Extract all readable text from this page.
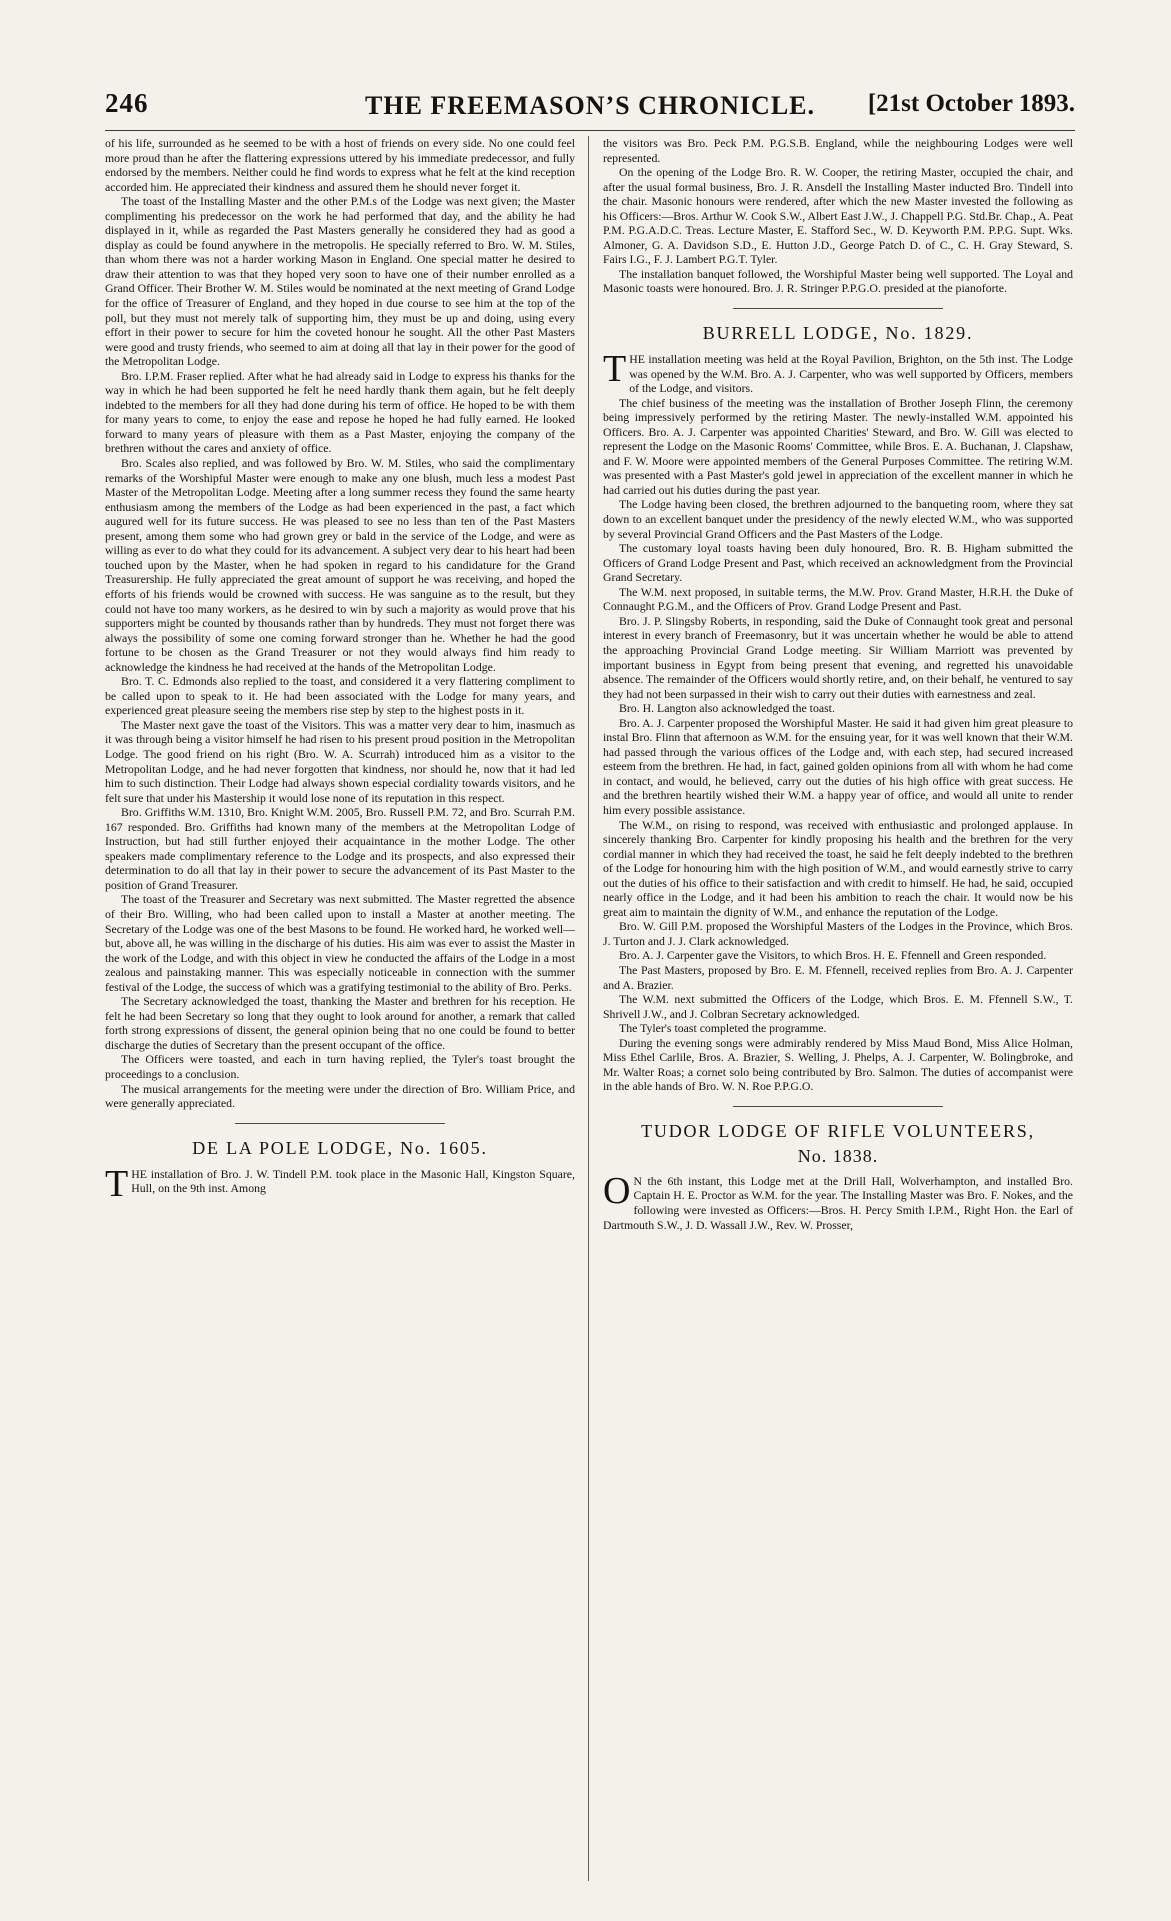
246	THE FREEMASON’S CHRONICLE.	[21st October 1893.

of his life, surrounded as he seemed to be with a host of friends on every side. No one could feel more proud than he after the flattering expressions uttered by his immediate predecessor, and fully endorsed by the members. Neither could he find words to express what he felt at the kind reception accorded him. He appreciated their kindness and assured them he should never forget it.

The toast of the Installing Master and the other P.M.s of the Lodge was next given; the Master complimenting his predecessor on the work he had performed that day, and the ability he had displayed in it, while as regarded the Past Masters generally he considered they had as good a display as could be found anywhere in the metropolis. He specially referred to Bro. W. M. Stiles, than whom there was not a harder working Mason in England. One special matter he desired to draw their attention to was that they hoped very soon to have one of their number enrolled as a Grand Officer. Their Brother W. M. Stiles would be nominated at the next meeting of Grand Lodge for the office of Treasurer of England, and they hoped in due course to see him at the top of the poll, but they must not merely talk of supporting him, they must be up and doing, using every effort in their power to secure for him the coveted honour he sought. All the other Past Masters were good and trusty friends, who seemed to aim at doing all that lay in their power for the good of the Metropolitan Lodge.

Bro. I.P.M. Fraser replied. After what he had already said in Lodge to express his thanks for the way in which he had been supported he felt he need hardly thank them again, but he felt deeply indebted to the members for all they had done during his term of office. He hoped to be with them for many years to come, to enjoy the ease and repose he hoped he had fully earned. He looked forward to many years of pleasure with them as a Past Master, enjoying the company of the brethren without the cares and anxiety of office.

Bro. Scales also replied, and was followed by Bro. W. M. Stiles, who said the complimentary remarks of the Worshipful Master were enough to make any one blush, much less a modest Past Master of the Metropolitan Lodge. Meeting after a long summer recess they found the same hearty enthusiasm among the members of the Lodge as had been experienced in the past, a fact which augured well for its future success. He was pleased to see no less than ten of the Past Masters present, among them some who had grown grey or bald in the service of the Lodge, and were as willing as ever to do what they could for its advancement. A subject very dear to his heart had been touched upon by the Master, when he had spoken in regard to his candidature for the Grand Treasurership. He fully appreciated the great amount of support he was receiving, and hoped the efforts of his friends would be crowned with success. He was sanguine as to the result, but they could not have too many workers, as he desired to win by such a majority as would prove that his supporters might be counted by thousands rather than by hundreds. They must not forget there was always the possibility of some one coming forward stronger than he. Whether he had the good fortune to be chosen as the Grand Treasurer or not they would always find him ready to acknowledge the kindness he had received at the hands of the Metropolitan Lodge.

Bro. T. C. Edmonds also replied to the toast, and considered it a very flattering compliment to be called upon to speak to it. He had been associated with the Lodge for many years, and experienced great pleasure seeing the members rise step by step to the highest posts in it.

The Master next gave the toast of the Visitors. This was a matter very dear to him, inasmuch as it was through being a visitor himself he had risen to his present proud position in the Metropolitan Lodge. The good friend on his right (Bro. W. A. Scurrah) introduced him as a visitor to the Metropolitan Lodge, and he had never forgotten that kindness, nor should he, now that it had led him to such distinction. Their Lodge had always shown especial cordiality towards visitors, and he felt sure that under his Mastership it would lose none of its reputation in this respect.

Bro. Griffiths W.M. 1310, Bro. Knight W.M. 2005, Bro. Russell P.M. 72, and Bro. Scurrah P.M. 167 responded. Bro. Griffiths had known many of the members at the Metropolitan Lodge of Instruction, but had still further enjoyed their acquaintance in the mother Lodge. The other speakers made complimentary reference to the Lodge and its prospects, and also expressed their determination to do all that lay in their power to secure the advancement of its Past Master to the position of Grand Treasurer.

The toast of the Treasurer and Secretary was next submitted. The Master regretted the absence of their Bro. Willing, who had been called upon to install a Master at another meeting. The Secretary of the Lodge was one of the best Masons to be found. He worked hard, he worked well—but, above all, he was willing in the discharge of his duties. His aim was ever to assist the Master in the work of the Lodge, and with this object in view he conducted the affairs of the Lodge in a most zealous and painstaking manner. This was especially noticeable in connection with the summer festival of the Lodge, the success of which was a gratifying testimonial to the ability of Bro. Perks.

The Secretary acknowledged the toast, thanking the Master and brethren for his reception. He felt he had been Secretary so long that they ought to look around for another, a remark that called forth strong expressions of dissent, the general opinion being that no one could be found to better discharge the duties of Secretary than the present occupant of the office.

The Officers were toasted, and each in turn having replied, the Tyler's toast brought the proceedings to a conclusion.

The musical arrangements for the meeting were under the direction of Bro. William Price, and were generally appreciated.

DE LA POLE LODGE, No. 1605.

THE installation of Bro. J. W. Tindell P.M. took place in the Masonic Hall, Kingston Square, Hull, on the 9th inst. Among

the visitors was Bro. Peck P.M. P.G.S.B. England, while the neighbouring Lodges were well represented.

On the opening of the Lodge Bro. R. W. Cooper, the retiring Master, occupied the chair, and after the usual formal business, Bro. J. R. Ansdell the Installing Master inducted Bro. Tindell into the chair. Masonic honours were rendered, after which the new Master invested the following as his Officers:—Bros. Arthur W. Cook S.W., Albert East J.W., J. Chappell P.G. Std.Br. Chap., A. Peat P.M. P.G.A.D.C. Treas. Lecture Master, E. Stafford Sec., W. D. Keyworth P.M. P.P.G. Supt. Wks. Almoner, G. A. Davidson S.D., E. Hutton J.D., George Patch D. of C., C. H. Gray Steward, S. Fairs I.G., F. J. Lambert P.G.T. Tyler.

The installation banquet followed, the Worshipful Master being well supported. The Loyal and Masonic toasts were honoured. Bro. J. R. Stringer P.P.G.O. presided at the pianoforte.

BURRELL LODGE, No. 1829.

THE installation meeting was held at the Royal Pavilion, Brighton, on the 5th inst. The Lodge was opened by the W.M. Bro. A. J. Carpenter, who was well supported by Officers, members of the Lodge, and visitors.

The chief business of the meeting was the installation of Brother Joseph Flinn, the ceremony being impressively performed by the retiring Master. The newly-installed W.M. appointed his Officers. Bro. A. J. Carpenter was appointed Charities' Steward, and Bro. W. Gill was elected to represent the Lodge on the Masonic Rooms' Committee, while Bros. E. A. Buchanan, J. Clapshaw, and F. W. Moore were appointed members of the General Purposes Committee. The retiring W.M. was presented with a Past Master's gold jewel in appreciation of the excellent manner in which he had carried out his duties during the past year.

The Lodge having been closed, the brethren adjourned to the banqueting room, where they sat down to an excellent banquet under the presidency of the newly elected W.M., who was supported by several Provincial Grand Officers and the Past Masters of the Lodge.

The customary loyal toasts having been duly honoured, Bro. R. B. Higham submitted the Officers of Grand Lodge Present and Past, which received an acknowledgment from the Provincial Grand Secretary.

The W.M. next proposed, in suitable terms, the M.W. Prov. Grand Master, H.R.H. the Duke of Connaught P.G.M., and the Officers of Prov. Grand Lodge Present and Past.

Bro. J. P. Slingsby Roberts, in responding, said the Duke of Connaught took great and personal interest in every branch of Freemasonry, but it was uncertain whether he would be able to attend the approaching Provincial Grand Lodge meeting. Sir William Marriott was prevented by important business in Egypt from being present that evening, and regretted his unavoidable absence. The remainder of the Officers would shortly retire, and, on their behalf, he ventured to say they had not been surpassed in their wish to carry out their duties with earnestness and zeal.

Bro. H. Langton also acknowledged the toast.

Bro. A. J. Carpenter proposed the Worshipful Master. He said it had given him great pleasure to instal Bro. Flinn that afternoon as W.M. for the ensuing year, for it was well known that their W.M. had passed through the various offices of the Lodge and, with each step, had secured increased esteem from the brethren. He had, in fact, gained golden opinions from all with whom he had come in contact, and would, he believed, carry out the duties of his high office with great success. He and the brethren heartily wished their W.M. a happy year of office, and would all unite to render him every possible assistance.

The W.M., on rising to respond, was received with enthusiastic and prolonged applause. In sincerely thanking Bro. Carpenter for kindly proposing his health and the brethren for the very cordial manner in which they had received the toast, he said he felt deeply indebted to the brethren of the Lodge for honouring him with the high position of W.M., and would earnestly strive to carry out the duties of his office to their satisfaction and with credit to himself. He had, he said, occupied nearly office in the Lodge, and it had been his ambition to reach the chair. It would now be his great aim to maintain the dignity of W.M., and enhance the reputation of the Lodge.

Bro. W. Gill P.M. proposed the Worshipful Masters of the Lodges in the Province, which Bros. J. Turton and J. J. Clark acknowledged.

Bro. A. J. Carpenter gave the Visitors, to which Bros. H. E. Ffennell and Green responded.

The Past Masters, proposed by Bro. E. M. Ffennell, received replies from Bro. A. J. Carpenter and A. Brazier.

The W.M. next submitted the Officers of the Lodge, which Bros. E. M. Ffennell S.W., T. Shrivell J.W., and J. Colbran Secretary acknowledged.

The Tyler's toast completed the programme.

During the evening songs were admirably rendered by Miss Maud Bond, Miss Alice Holman, Miss Ethel Carlile, Bros. A. Brazier, S. Welling, J. Phelps, A. J. Carpenter, W. Bolingbroke, and Mr. Walter Roas; a cornet solo being contributed by Bro. Salmon. The duties of accompanist were in the able hands of Bro. W. N. Roe P.P.G.O.

TUDOR LODGE OF RIFLE VOLUNTEERS,
No. 1838.

O N the 6th instant, this Lodge met at the Drill Hall, Wolverhampton, and installed Bro. Captain H. E. Proctor as W.M. for the year. The Installing Master was Bro. F. Nokes, and the following were invested as Officers:—Bros. H. Percy Smith I.P.M., Right Hon. the Earl of Dartmouth S.W., J. D. Wassall J.W., Rev. W. Prosser,
